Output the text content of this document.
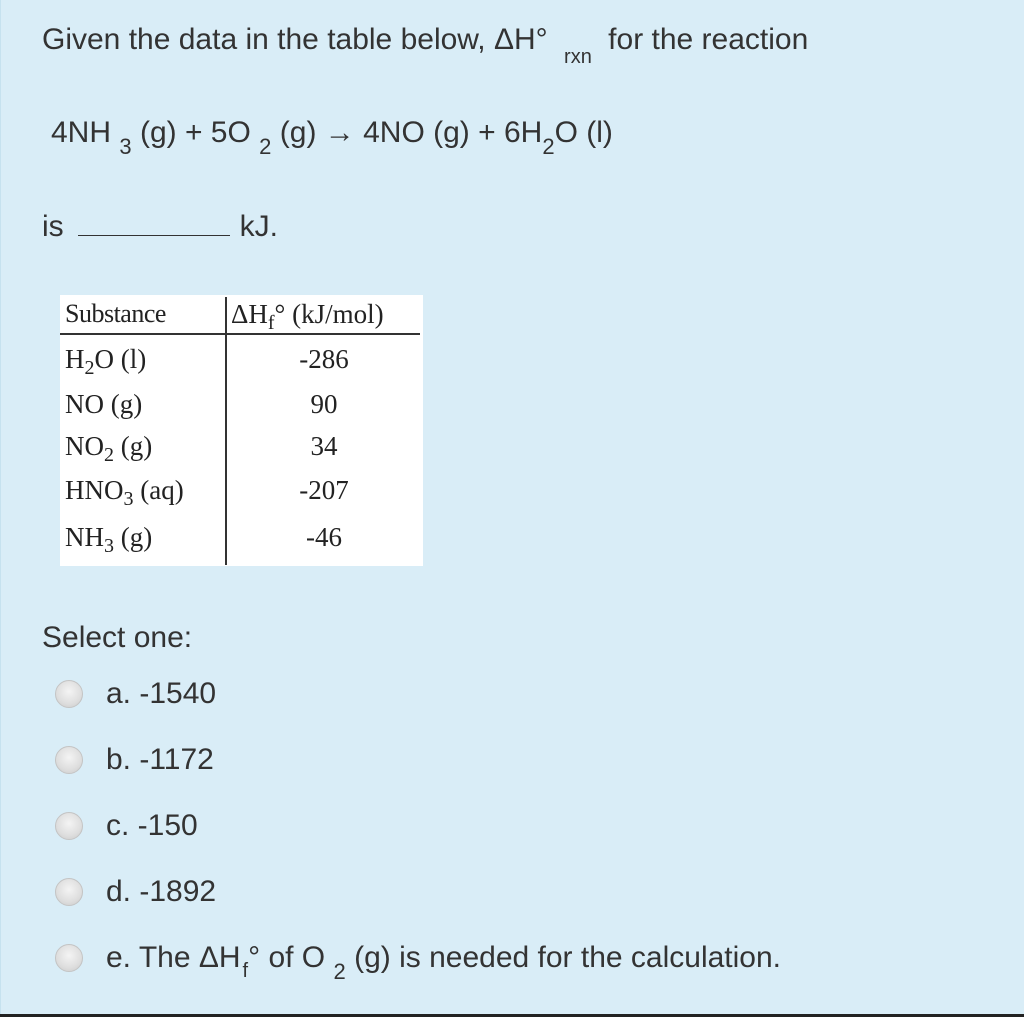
Given the data in the table below, ΔH° $_{rxn}$ for the reaction
4NH $_3$ (g) + 5O $_2$ (g) → 4NO $(g) + 6H_2O$ (l)
is	kJ.
Substance $\Delta H_f^\circ$ (kJ/mol)
$H_2O$ (l)	-286
NO (g)	90
$NO_2$ (g)	34
$HNO_3$ (aq)	-207
$NH_3$ (g)	-46
Select one:
a. -1540
b. -1172
c. -150
d. -1892
e. The ΔH $_f$° of O $_2$ (g) is needed for the calculation.
